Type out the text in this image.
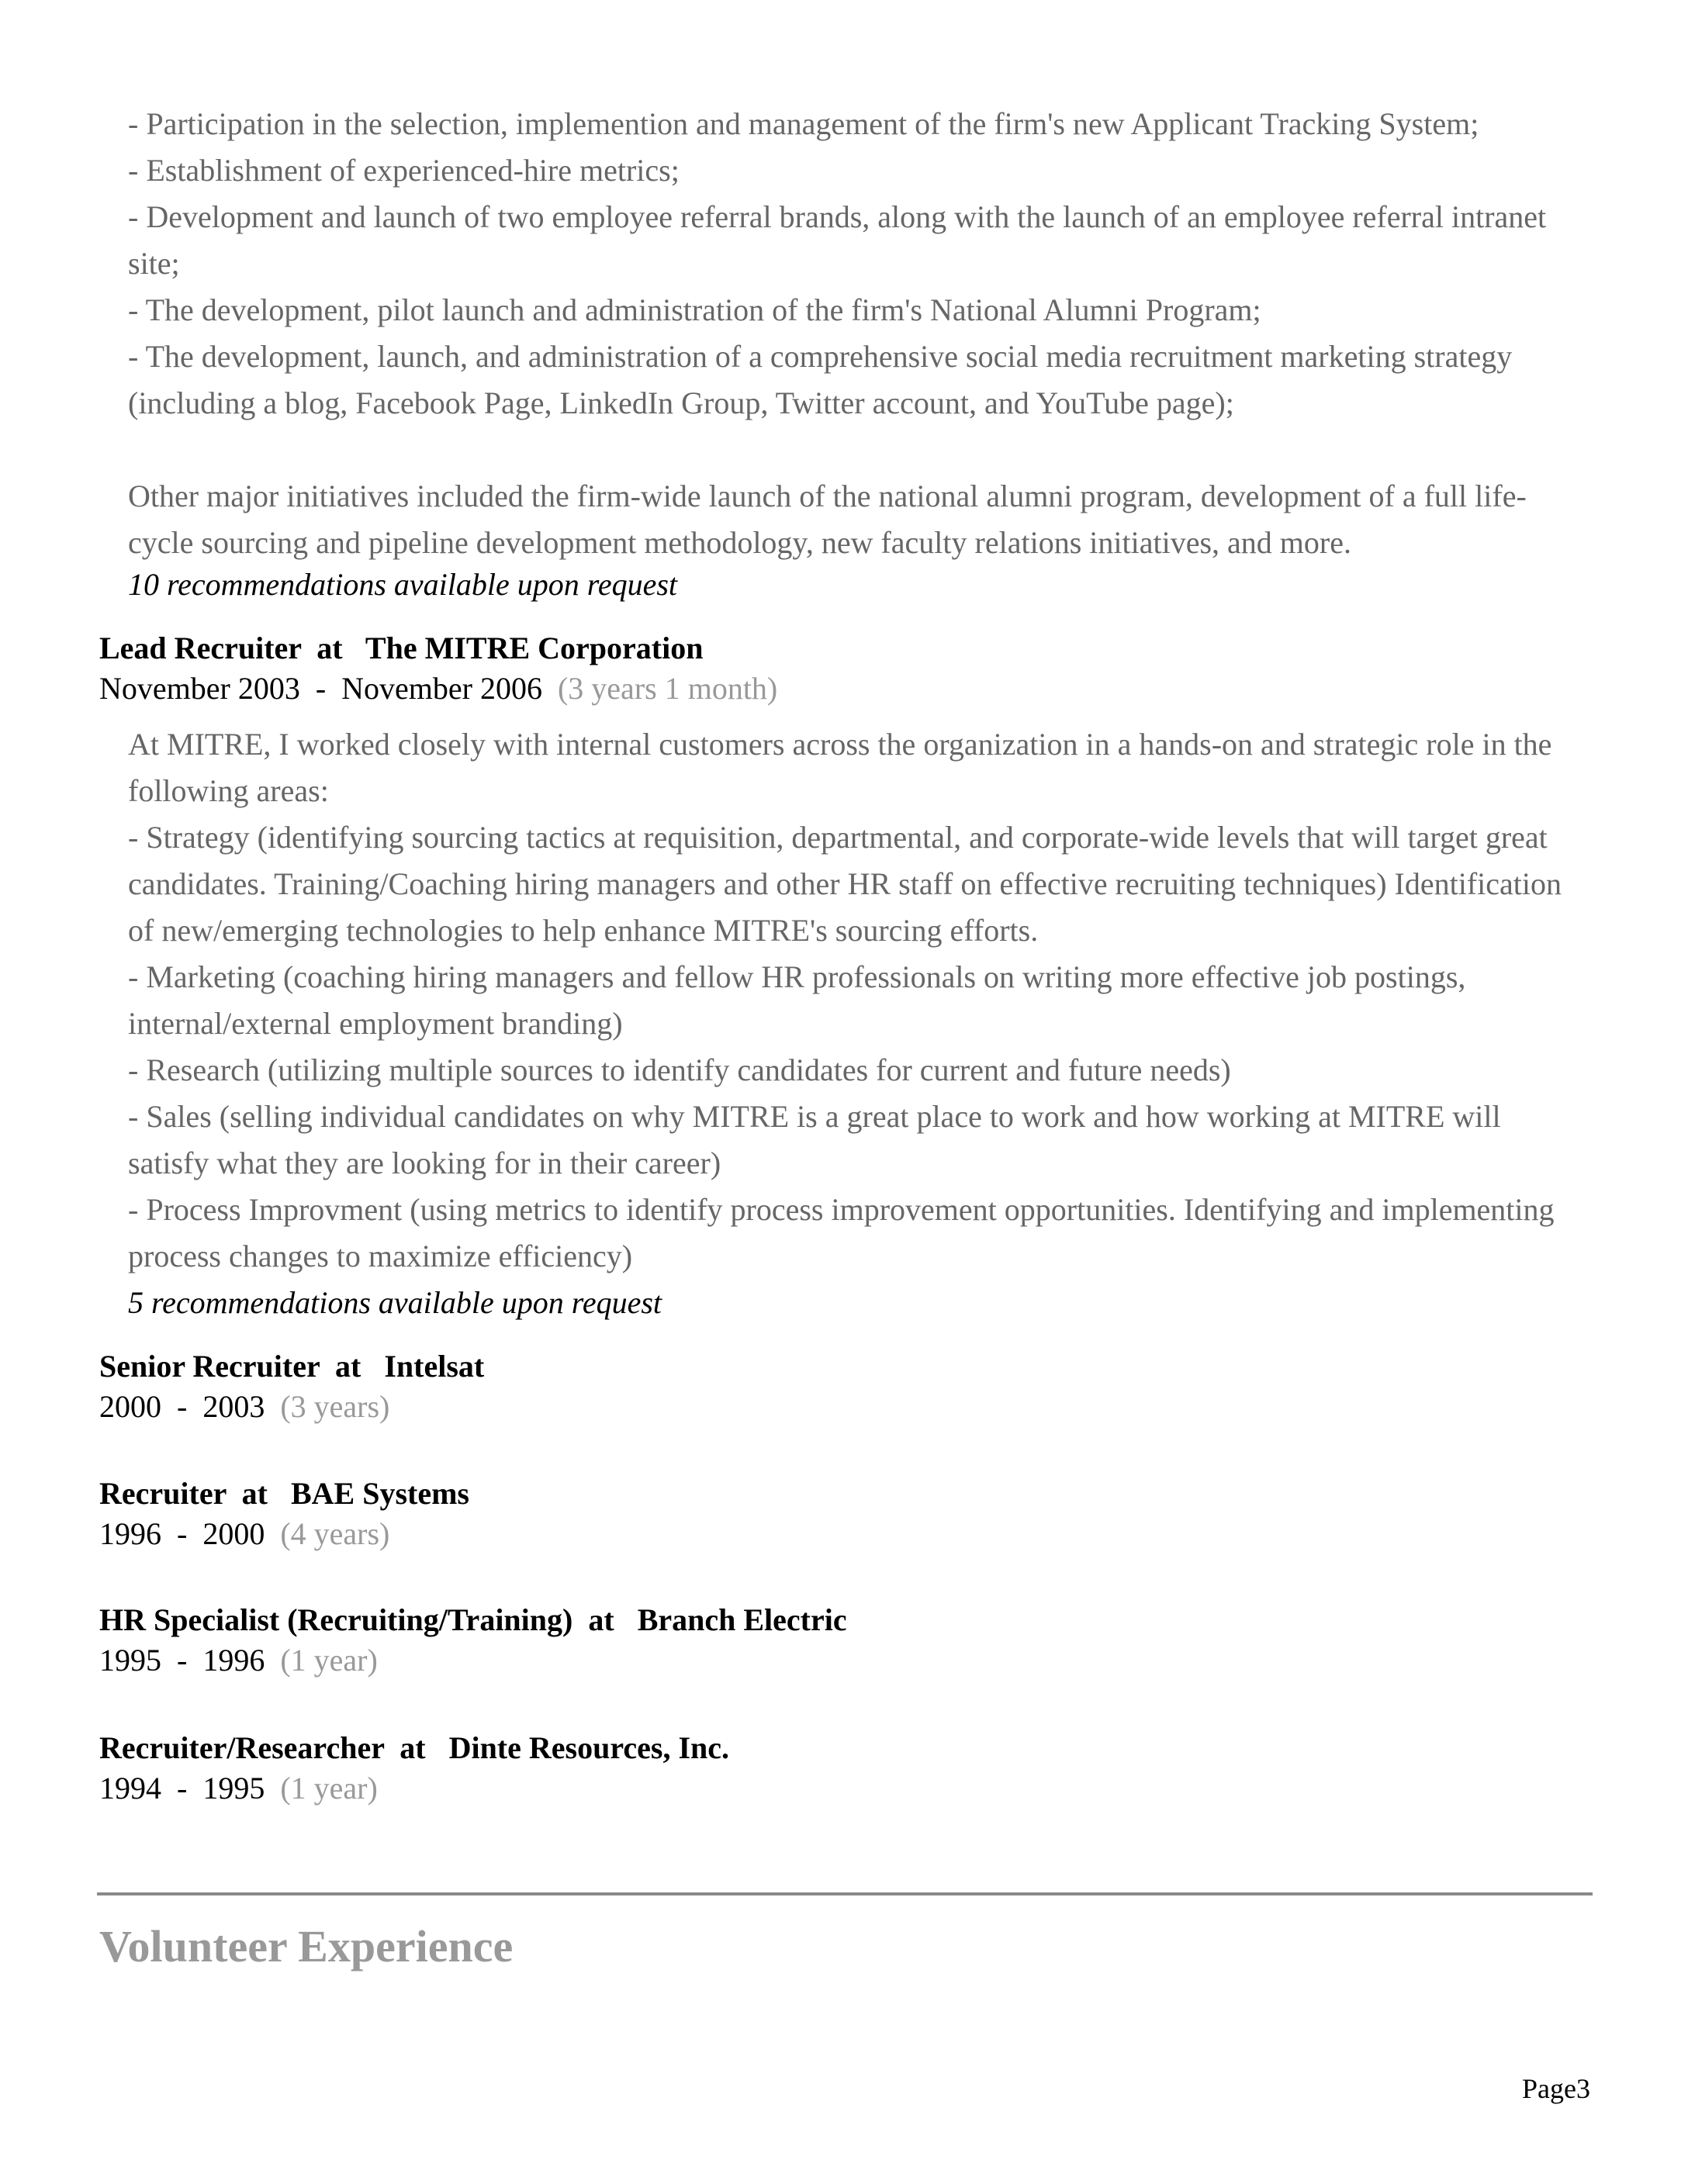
- Participation in the selection, implemention and management of the firm's new Applicant Tracking System;

- Establishment of experienced-hire metrics;

- Development and launch of two employee referral brands, along with the launch of an employee referral intranet site;

- The development, pilot launch and administration of the firm's National Alumni Program;

- The development, launch, and administration of a comprehensive social media recruitment marketing strategy (including a blog, Facebook Page, LinkedIn Group, Twitter account, and YouTube page);

Other major initiatives included the firm-wide launch of the national alumni program, development of a full life-cycle sourcing and pipeline development methodology, new faculty relations initiatives, and more.

10 recommendations available upon request

Lead Recruiter at The MITRE Corporation

November 2003 - November 2006 (3 years 1 month)

At MITRE, I worked closely with internal customers across the organization in a hands-on and strategic role in the following areas:

- Strategy (identifying sourcing tactics at requisition, departmental, and corporate-wide levels that will target great candidates. Training/Coaching hiring managers and other HR staff on effective recruiting techniques) Identification of new/emerging technologies to help enhance MITRE's sourcing efforts.

- Marketing (coaching hiring managers and fellow HR professionals on writing more effective job postings, internal/external employment branding)

- Research (utilizing multiple sources to identify candidates for current and future needs)

- Sales (selling individual candidates on why MITRE is a great place to work and how working at MITRE will satisfy what they are looking for in their career)

- Process Improvment (using metrics to identify process improvement opportunities. Identifying and implementing process changes to maximize efficiency)

5 recommendations available upon request

Senior Recruiter at Intelsat

2000 - 2003 (3 years)

Recruiter at BAE Systems

1996 - 2000 (4 years)

HR Specialist (Recruiting/Training) at Branch Electric

1995 - 1996 (1 year)

Recruiter/Researcher at Dinte Resources, Inc.

1994 - 1995 (1 year)

Volunteer Experience

Page3
